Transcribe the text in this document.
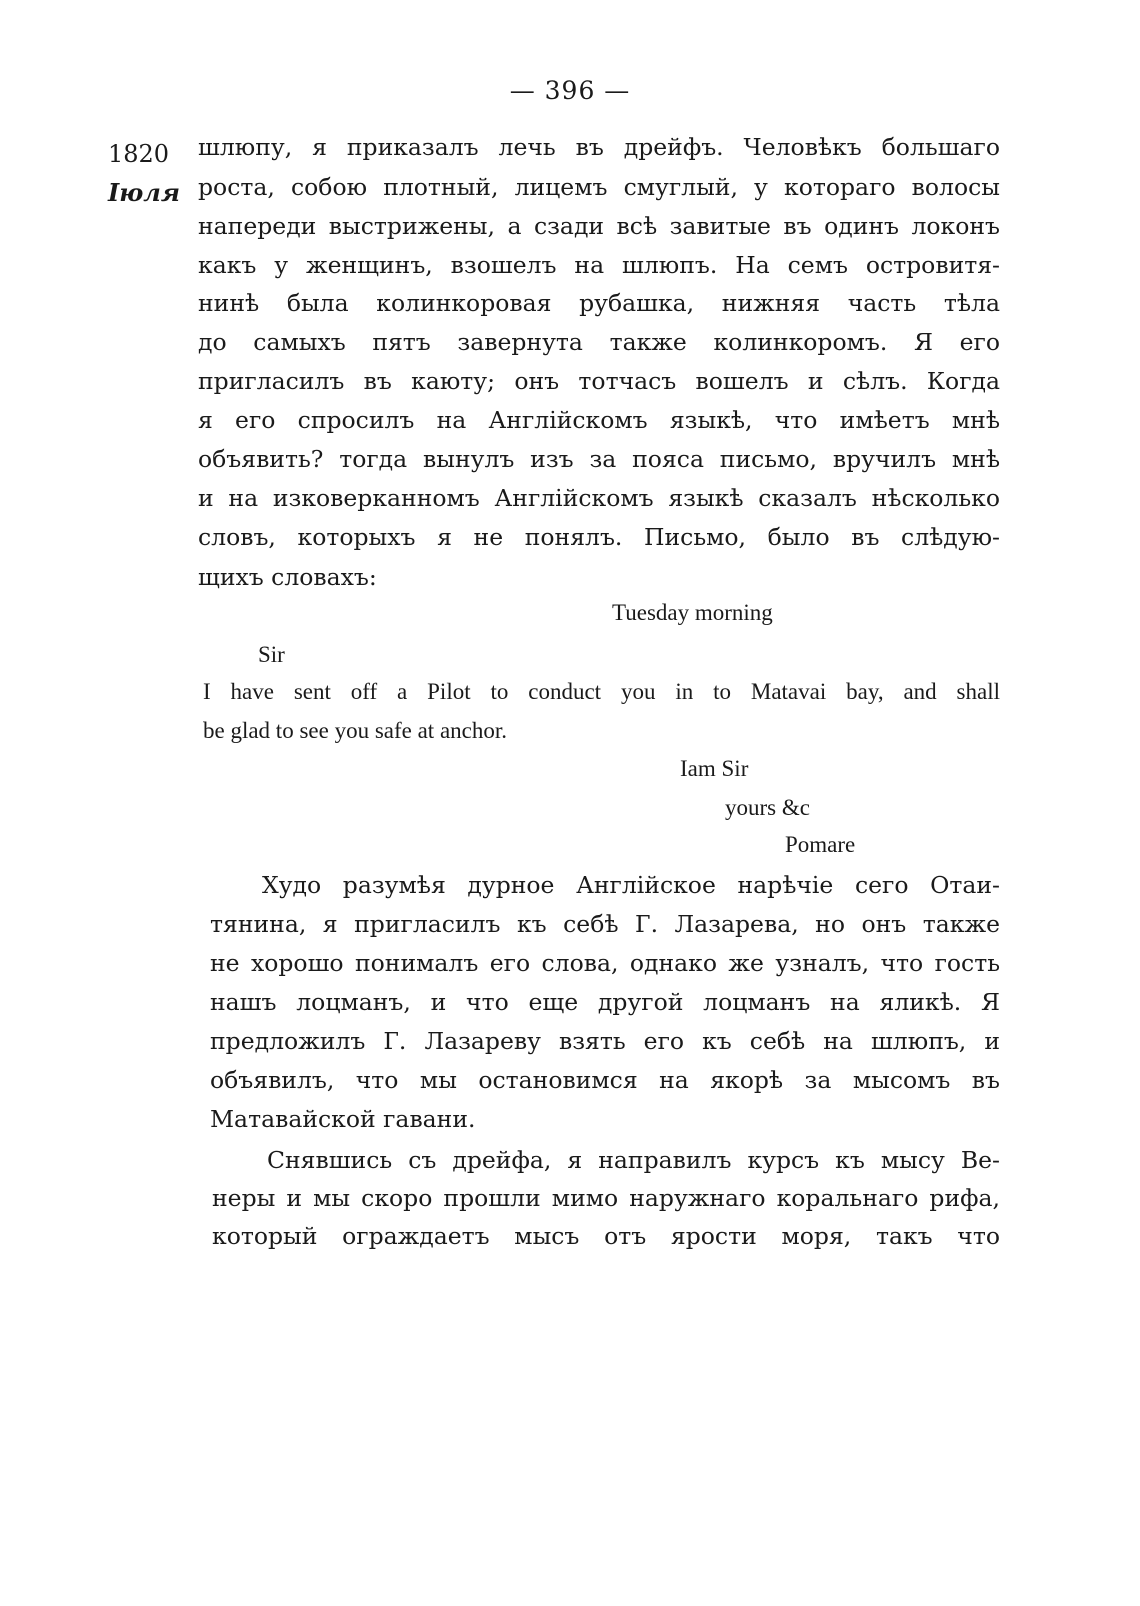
— 396 —
1820
Іюля
шлюпу, я приказалъ лечь въ дрейфъ. Человѣкъ большаго
роста, собою плотный, лицемъ смуглый, у котораго волосы
напереди выстрижены, а сзади всѣ завитые въ одинъ локонъ
какъ у женщинъ, взошелъ на шлюпъ. На семъ островитя-
нинѣ была колинкоровая рубашка, нижняя часть тѣла
до самыхъ пятъ завернута также колинкоромъ. Я его
пригласилъ въ каюту; онъ тотчасъ вошелъ и сѣлъ. Когда
я его спросилъ на Англійскомъ языкѣ, что имѣетъ мнѣ
объявить? тогда вынулъ изъ за пояса письмо, вручилъ мнѣ
и на изковерканномъ Англійскомъ языкѣ сказалъ нѣсколько
словъ, которыхъ я не понялъ. Письмо, было въ слѣдую-
щихъ словахъ:
Tuesday morning
Sir
I have sent off a Pilot to conduct you in to Matavai bay, and shall
be glad to see you safe at anchor.
Iam Sir
yours &c
Pomare
Худо разумѣя дурное Англійское нарѣчіе сего Отаи-
тянина, я пригласилъ къ себѣ Г. Лазарева, но онъ также
не хорошо понималъ его слова, однако же узналъ, что гость
нашъ лоцманъ, и что еще другой лоцманъ на яликѣ. Я
предложилъ Г. Лазареву взять его къ себѣ на шлюпъ, и
объявилъ, что мы остановимся на якорѣ за мысомъ въ
Матавайской гавани.
Снявшись съ дрейфа, я направилъ курсъ къ мысу Ве-
неры и мы скоро прошли мимо наружнаго коральнаго рифа,
который ограждаетъ мысъ отъ ярости моря, такъ что
